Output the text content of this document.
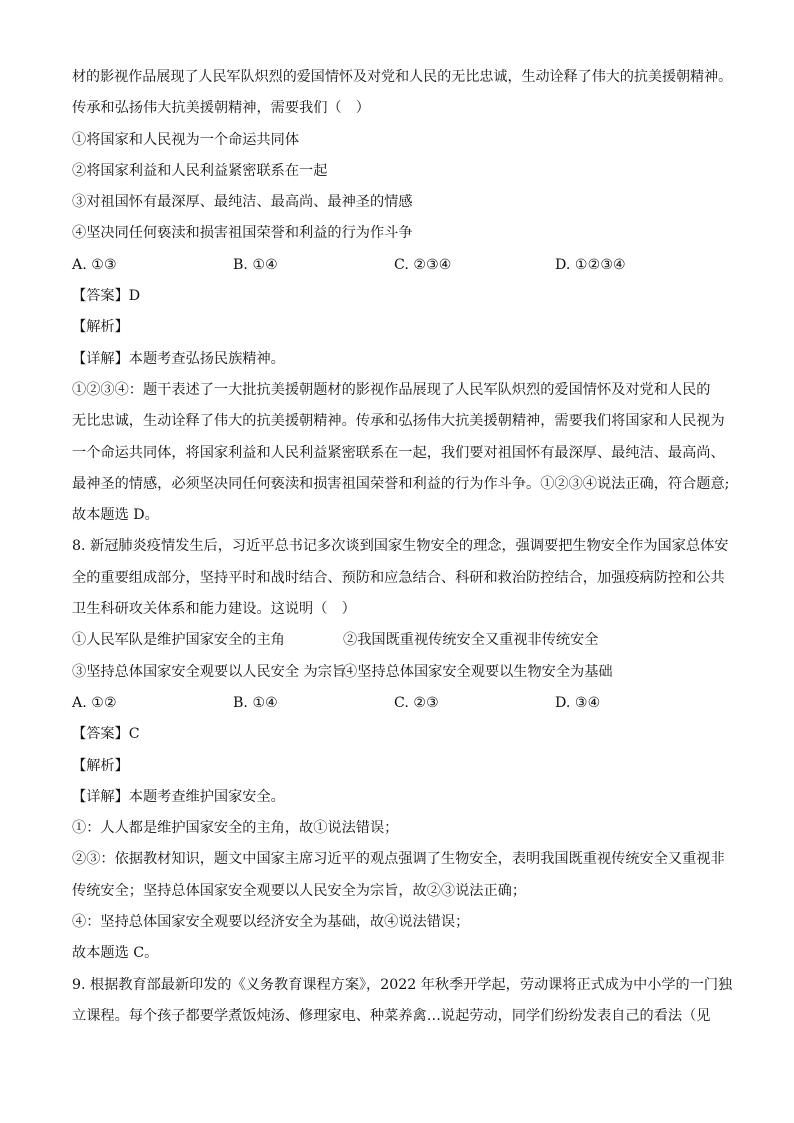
材的影视作品展现了人民军队炽烈的爱国情怀及对党和人民的无比忠诚，生动诠释了伟大的抗美援朝精神。
传承和弘扬伟大抗美援朝精神，需要我们（　）
①将国家和人民视为一个命运共同体
②将国家利益和人民利益紧密联系在一起
③对祖国怀有最深厚、最纯洁、最高尚、最神圣的情感
④坚决同任何亵渎和损害祖国荣誉和利益的行为作斗争
A. ①③	B. ①④	C. ②③④	D. ①②③④
【答案】D
【解析】
【详解】本题考查弘扬民族精神。
①②③④：题干表述了一大批抗美援朝题材的影视作品展现了人民军队炽烈的爱国情怀及对党和人民的
无比忠诚，生动诠释了伟大的抗美援朝精神。传承和弘扬伟大抗美援朝精神，需要我们将国家和人民视为
一个命运共同体，将国家利益和人民利益紧密联系在一起，我们要对祖国怀有最深厚、最纯洁、最高尚、
最神圣的情感，必须坚决同任何亵渎和损害祖国荣誉和利益的行为作斗争。①②③④说法正确，符合题意;
故本题选 D。
8. 新冠肺炎疫情发生后，习近平总书记多次谈到国家生物安全的理念，强调要把生物安全作为国家总体安
全的重要组成部分，坚持平时和战时结合、预防和应急结合、科研和救治防控结合，加强疫病防控和公共
卫生科研攻关体系和能力建设。这说明（　）
①人民军队是维护国家安全的主角	②我国既重视传统安全又重视非传统安全
③坚持总体国家安全观要以人民安全 为宗旨
④坚持总体国家安全观要以生物安全为基础
A. ①②	B. ①④	C. ②③	D. ③④
【答案】C
【解析】
【详解】本题考查维护国家安全。
①：人人都是维护国家安全的主角，故①说法错误；
②③：依据教材知识，题文中国家主席习近平的观点强调了生物安全，表明我国既重视传统安全又重视非
传统安全；坚持总体国家安全观要以人民安全为宗旨，故②③说法正确；
④：坚持总体国家安全观要以经济安全为基础，故④说法错误；
故本题选 C。
9. 根据教育部最新印发的《义务教育课程方案》，2022 年秋季开学起，劳动课将正式成为中小学的一门独
立课程。每个孩子都要学煮饭炖汤、修理家电、种菜养禽…说起劳动，同学们纷纷发表自己的看法（见
